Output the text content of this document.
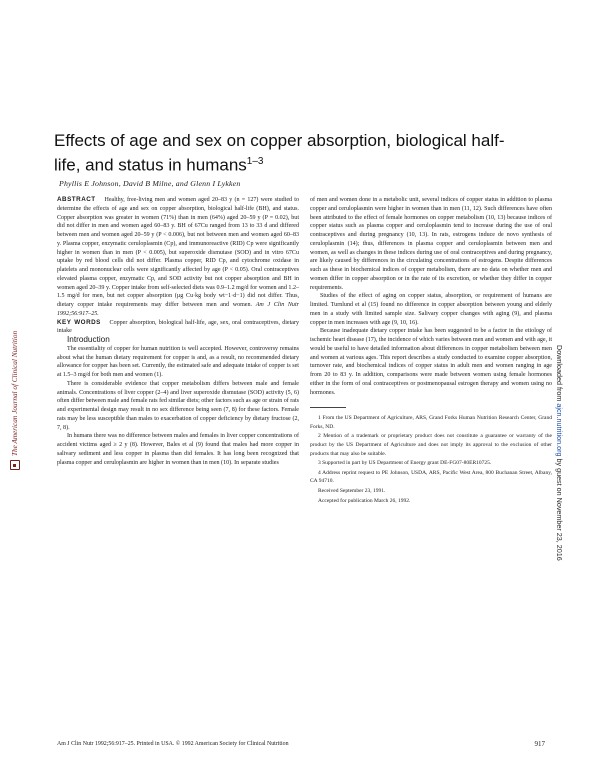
Effects of age and sex on copper absorption, biological half-life, and status in humans$^{1-3}$
Phyllis E Johnson, David B Milne, and Glenn I Lykken

ABSTRACT Healthy, free-living men and women aged 20–83 y (n = 127) were studied to determine the effects of age and sex on copper absorption, biological half-life (BH), and status. Copper absorption was greater in women (71%) than in men (64%) aged 20–59 y (P = 0.02), but did not differ in men and women aged 60–83 y. BH of 67Cu ranged from 13 to 33 d and differed between men and women aged 20–59 y (P < 0.006), but not between men and women aged 60–83 y. Plasma copper, enzymatic ceruloplasmin (Cp), and immunoreactive (RID) Cp were significantly higher in women than in men (P < 0.005), but superoxide dismutase (SOD) and in vitro 67Cu uptake by red blood cells did not differ. Plasma copper, RID Cp, and cytochrome oxidase in platelets and mononuclear cells were significantly affected by age (P < 0.05). Oral contraceptives elevated plasma copper, enzymatic Cp, and SOD activity but not copper absorption and BH in women aged 20–39 y. Copper intake from self-selected diets was 0.9–1.2 mg/d for women and 1.2–1.5 mg/d for men, but net copper absorption (µg Cu·kg body wt−1·d−1) did not differ. Thus, dietary copper intake requirements may differ between men and women. Am J Clin Nutr 1992;56:917–25.

KEY WORDS Copper absorption, biological half-life, age, sex, oral contraceptives, dietary intake

Introduction

The essentiality of copper for human nutrition is well accepted. However, controversy remains about what the human dietary requirement for copper is and, as a result, no recommended dietary allowance for copper has been set. Currently, the estimated safe and adequate intake of copper is set at 1.5–3 mg/d for both men and women (1).

There is considerable evidence that copper metabolism differs between male and female animals. Concentrations of liver copper (2–4) and liver superoxide dismutase (SOD) activity (5, 6) often differ between male and female rats fed similar diets; other factors such as age or strain of rats and experimental design may result in no sex difference being seen (7, 8) for these factors. Female rats may be less susceptible than males to exacerbation of copper deficiency by dietary fructose (2, 7, 8).

In humans there was no difference between males and females in liver copper concentrations of accident victims aged ≥ 2 y (8). However, Bales et al (9) found that males had more copper in salivary sediment and less copper in plasma than did females. It has long been recognized that plasma copper and ceruloplasmin are higher in women than in men (10). In separate studies

of men and women done in a metabolic unit, several indices of copper status in addition to plasma copper and ceruloplasmin were higher in women than in men (11, 12). Such differences have often been attributed to the effect of female hormones on copper metabolism (10, 13) because indices of copper status such as plasma copper and ceruloplasmin tend to increase during the use of oral contraceptives and during pregnancy (10, 13). In rats, estrogens induce de novo synthesis of ceruloplasmin (14); thus, differences in plasma copper and ceruloplasmin between men and women, as well as changes in these indices during use of oral contraceptives and during pregnancy, are likely caused by differences in the circulating concentrations of estrogens. Despite differences such as these in biochemical indices of copper metabolism, there are no data on whether men and women differ in copper absorption or in the rate of its excretion, or whether they differ in copper requirements.

Studies of the effect of aging on copper status, absorption, or requirement of humans are limited. Turnlund et al (15) found no difference in copper absorption between young and elderly men in a study with limited sample size. Salivary copper changes with aging (9), and plasma copper in men increases with age (9, 10, 16).

Because inadequate dietary copper intake has been suggested to be a factor in the etiology of ischemic heart disease (17), the incidence of which varies between men and women and with age, it would be useful to have detailed information about differences in copper metabolism between men and women at various ages. This report describes a study conducted to examine copper absorption, turnover rate, and biochemical indices of copper status in adult men and women ranging in age from 20 to 83 y. In addition, comparisons were made between women using female hormones either in the form of oral contraceptives or postmenopausal estrogen therapy and women using no hormones.

1 From the US Department of Agriculture, ARS, Grand Forks Human Nutrition Research Center, Grand Forks, ND.

2 Mention of a trademark or proprietary product does not constitute a guarantee or warranty of the product by the US Department of Agriculture and does not imply its approval to the exclusion of other products that may also be suitable.

3 Supported in part by US Department of Energy grant DE-FG07-80ER10725.

4 Address reprint request to PE Johnson, USDA, ARS, Pacific West Area, 800 Buchanan Street, Albany, CA 94710.

Received September 23, 1991.

Accepted for publication March 26, 1992.

Am J Clin Nutr 1992;56:917–25. Printed in USA. © 1992 American Society for Clinical Nutrition	917
The American Journal of Clinical Nutrition	Downloaded from ajcn.nutrition.org by guest on November 23, 2016
